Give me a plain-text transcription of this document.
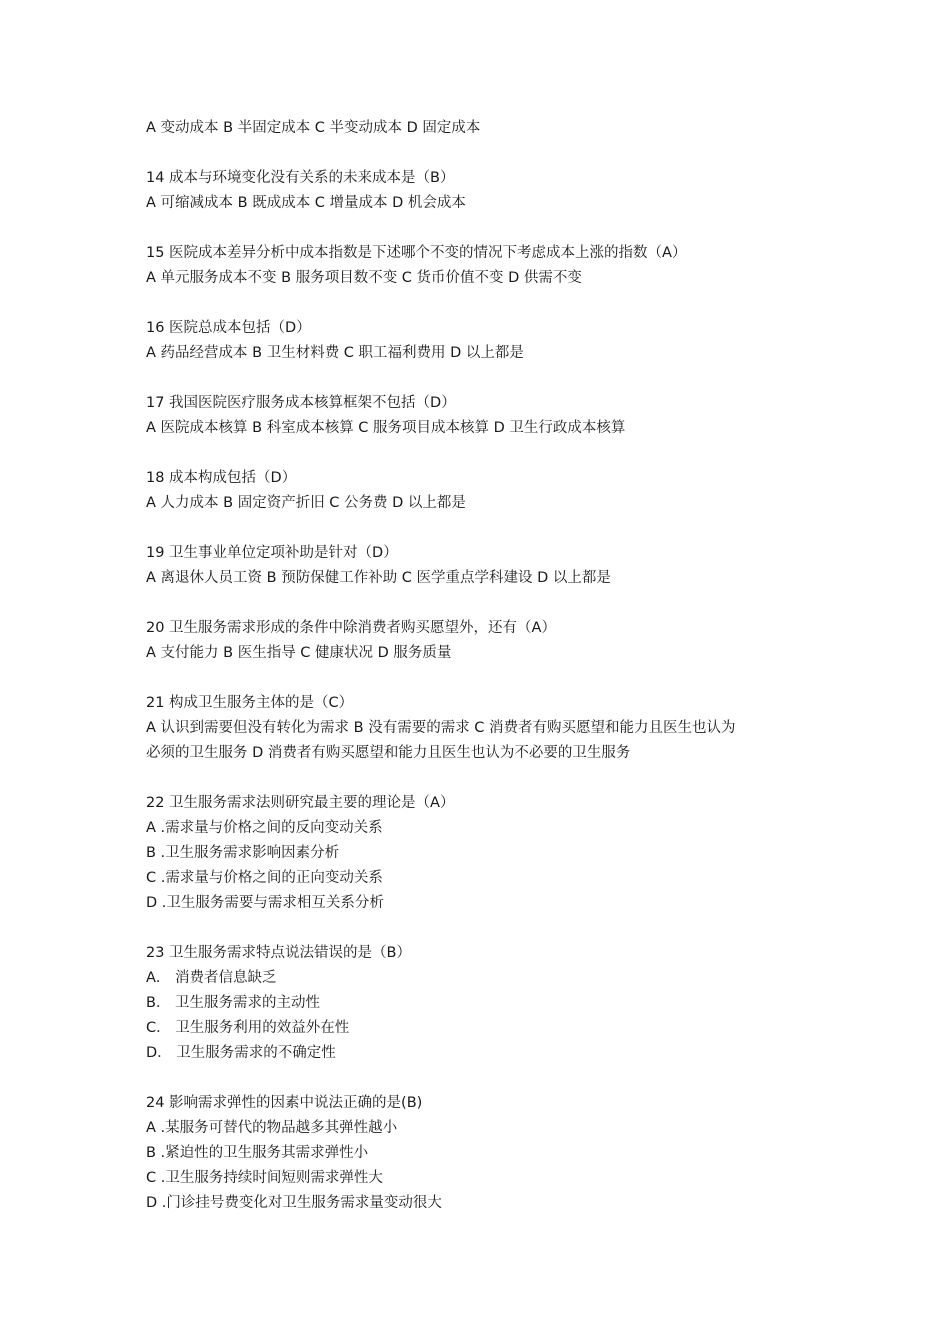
A 变动成本 B 半固定成本 C 半变动成本 D 固定成本
14 成本与环境变化没有关系的未来成本是（B）
A 可缩减成本 B 既成成本 C 增量成本 D 机会成本
15 医院成本差异分析中成本指数是下述哪个不变的情况下考虑成本上涨的指数（A）
A 单元服务成本不变 B 服务项目数不变 C 货币价值不变 D 供需不变
16 医院总成本包括（D）
A 药品经营成本 B 卫生材料费 C 职工福利费用 D 以上都是
17 我国医院医疗服务成本核算框架不包括（D）
A 医院成本核算 B 科室成本核算 C 服务项目成本核算 D 卫生行政成本核算
18 成本构成包括（D）
A 人力成本 B 固定资产折旧 C 公务费 D 以上都是
19 卫生事业单位定项补助是针对（D）
A 离退休人员工资 B 预防保健工作补助 C 医学重点学科建设 D 以上都是
20 卫生服务需求形成的条件中除消费者购买愿望外，还有（A）
A 支付能力 B 医生指导 C 健康状况 D 服务质量
21 构成卫生服务主体的是（C）
A 认识到需要但没有转化为需求 B 没有需要的需求 C 消费者有购买愿望和能力且医生也认为
必须的卫生服务 D 消费者有购买愿望和能力且医生也认为不必要的卫生服务
22 卫生服务需求法则研究最主要的理论是（A）
A .需求量与价格之间的反向变动关系
B .卫生服务需求影响因素分析
C .需求量与价格之间的正向变动关系
D .卫生服务需要与需求相互关系分析
23 卫生服务需求特点说法错误的是（B）
A． 消费者信息缺乏
B． 卫生服务需求的主动性
C． 卫生服务利用的效益外在性
D． 卫生服务需求的不确定性
24 影响需求弹性的因素中说法正确的是(B)
A .某服务可替代的物品越多其弹性越小
B .紧迫性的卫生服务其需求弹性小
C .卫生服务持续时间短则需求弹性大
D .门诊挂号费变化对卫生服务需求量变动很大
